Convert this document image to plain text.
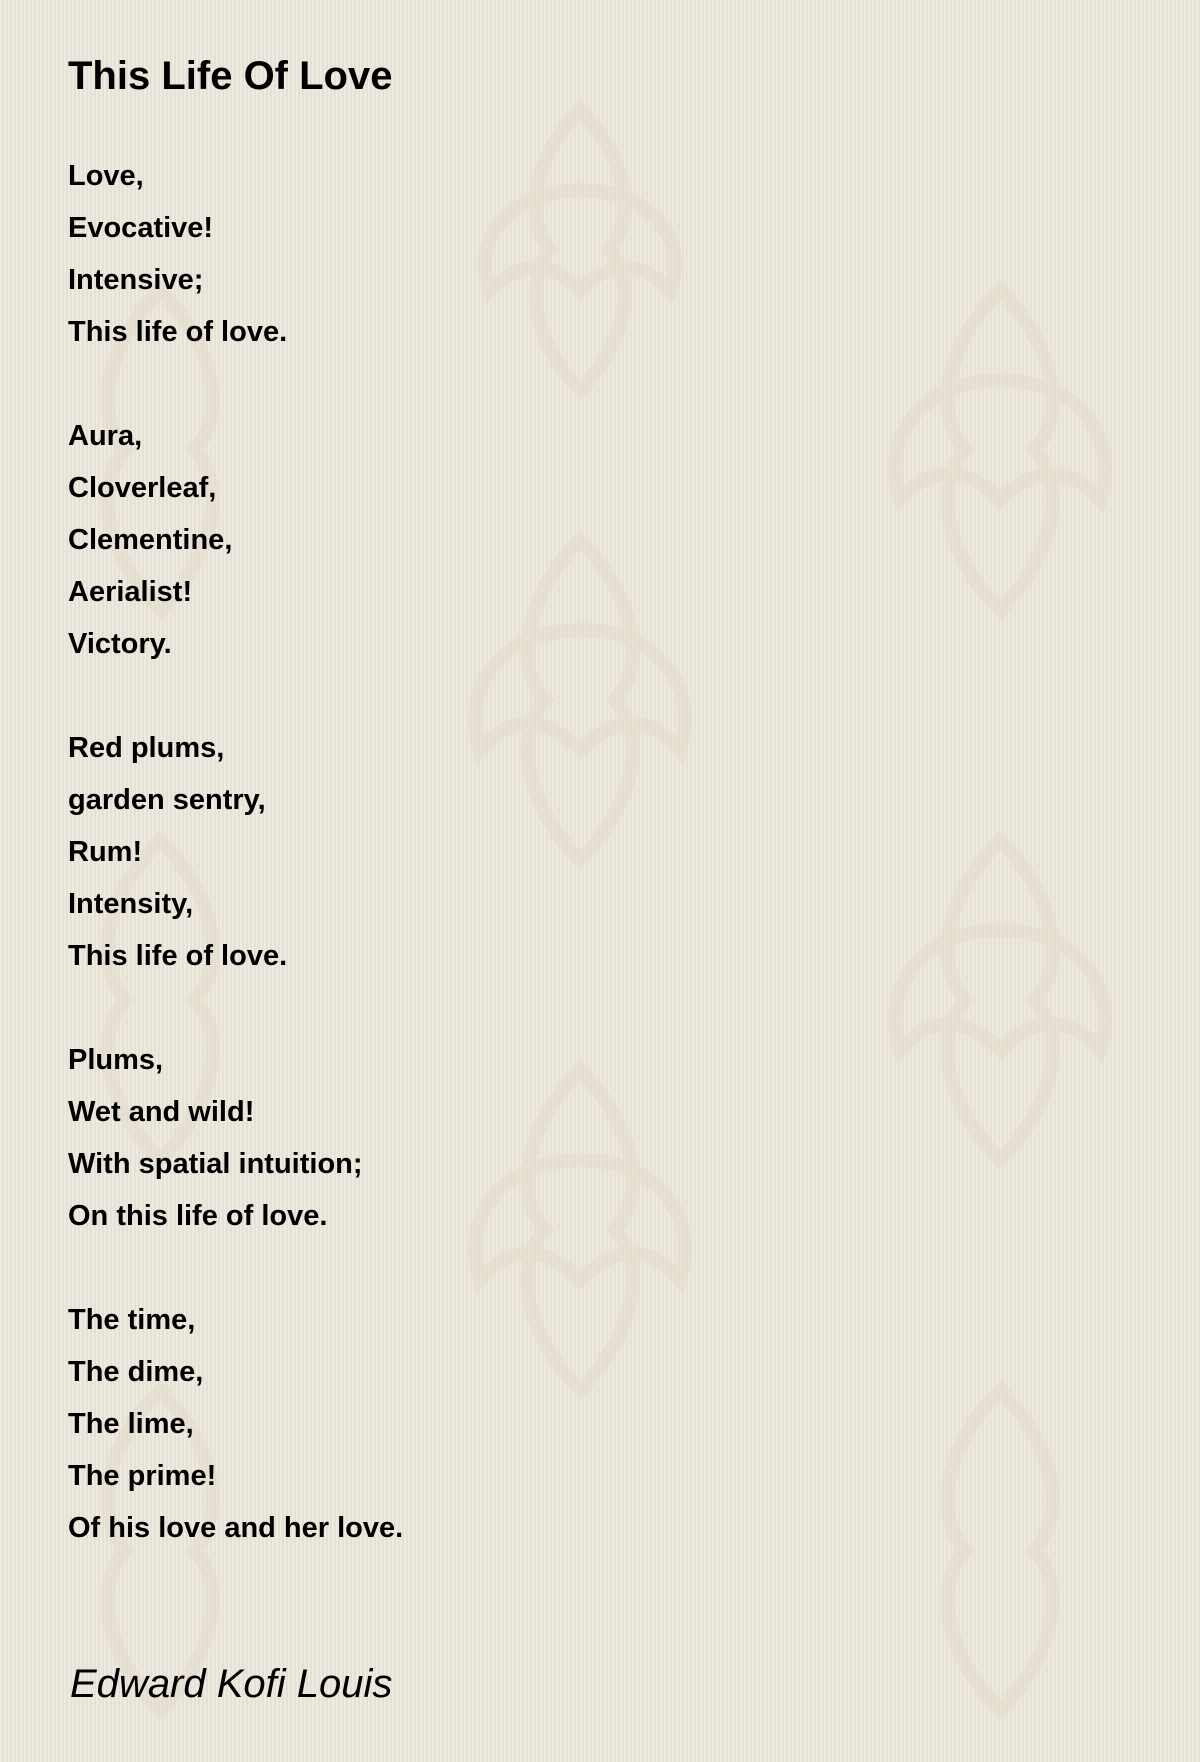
This Life Of Love
Love,
Evocative!
Intensive;
This life of love.
Aura,
Cloverleaf,
Clementine,
Aerialist!
Victory.
Red plums,
garden sentry,
Rum!
Intensity,
This life of love.
Plums,
Wet and wild!
With spatial intuition;
On this life of love.
The time,
The dime,
The lime,
The prime!
Of his love and her love.
Edward Kofi Louis
